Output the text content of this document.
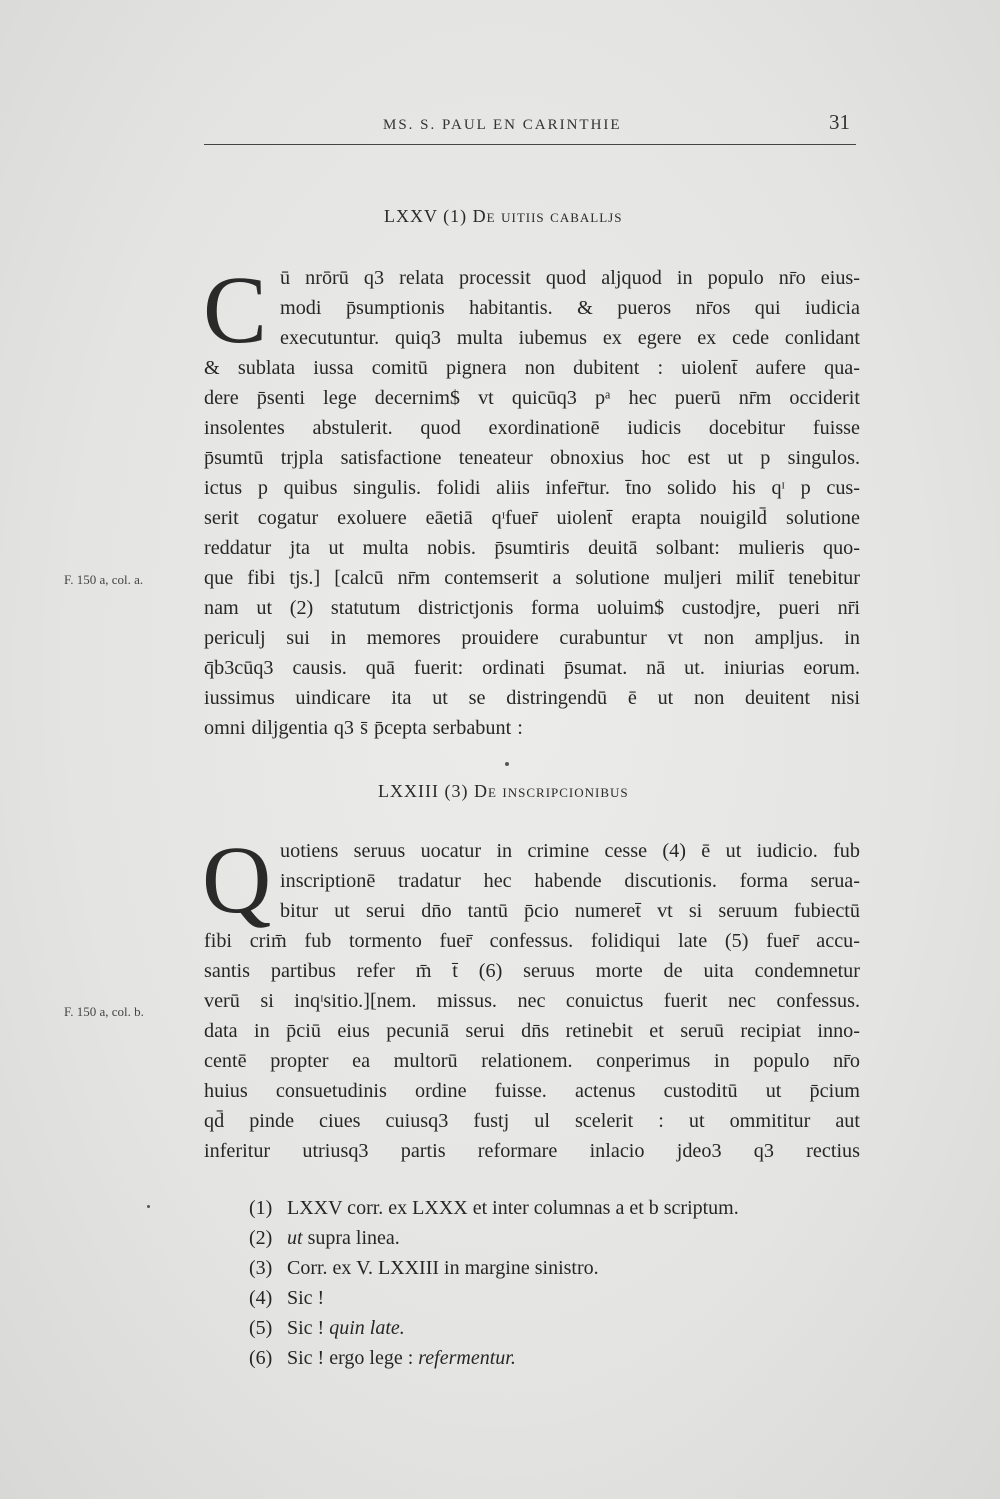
MS. S. PAUL EN CARINTHIE	31
LXXV (1) De uitiis caballjs
C ū nrōrū q3 relata processit quod aljquod in populo nr̄o eius-
modi p̄sumptionis habitantis. & pueros nr̄os qui iudicia
executuntur. quiq3 multa iubemus ex egere ex cede conlidant
& sublata iussa comitū pignera non dubitent : uiolent̄ aufere qua-
dere p̄senti lege decernim$ vt quicūq3 pᵃ hec puerū nr̄m occiderit
insolentes abstulerit. quod exordinationē iudicis docebitur fuisse
p̄sumtū trjpla satisfactione teneateur obnoxius hoc est ut p singulos.
ictus p quibus singulis. folidi aliis infer̄tur. t̄no solido his qᶦ p cus-
serit cogatur exoluere eāetiā qᶦfuer̄ uiolent̄ erapta nouigild̄ solutione
reddatur jta ut multa nobis. p̄sumtiris deuitā solbant: mulieris quo-
que fibi tjs.] [calcū nr̄m contemserit a solutione muljeri milit̄ tenebitur
nam ut (2) statutum districtjonis forma uoluim$ custodjre, pueri nr̄i
periculj sui in memores prouidere curabuntur vt non ampljus. in
q̄b3cūq3 causis. quā fuerit: ordinati p̄sumat. nā ut. iniurias eorum.
iussimus uindicare ita ut se distringendū ē ut non deuitent nisi
omni diljgentia q3 s̄ p̄cepta serbabunt :
F. 150 a, col. a.
LXXIII (3) De inscripcionibus
Q uotiens seruus uocatur in crimine cesse (4) ē ut iudicio. fub
inscriptionē tradatur hec habende discutionis. forma serua-
bitur ut serui dn̄o tantū p̄cio numeret̄ vt si seruum fubiectū
fibi crim̄ fub tormento fuer̄ confessus. folidiqui late (5) fuer̄ accu-
santis partibus refer m̄ t̄ (6) seruus morte de uita condemnetur
verū si inqᶦsitio.][nem. missus. nec conuictus fuerit nec confessus.
data in p̄ciū eius pecuniā serui dn̄s retinebit et seruū recipiat inno-
centē propter ea multorū relationem. conperimus in populo nr̄o
huius consuetudinis ordine fuisse. actenus custoditū ut p̄cium
qd̄ pinde ciues cuiusq3 fustj ul scelerit : ut ommititur aut
inferitur utriusq3 partis reformare inlacio jdeo3 q3 rectius
F. 150 a, col. b.
(1) LXXV corr. ex LXXX et inter columnas a et b scriptum.
(2) ut supra linea.
(3) Corr. ex V. LXXIII in margine sinistro.
(4) Sic !
(5) Sic ! quin late.
(6) Sic ! ergo lege : refermentur.
